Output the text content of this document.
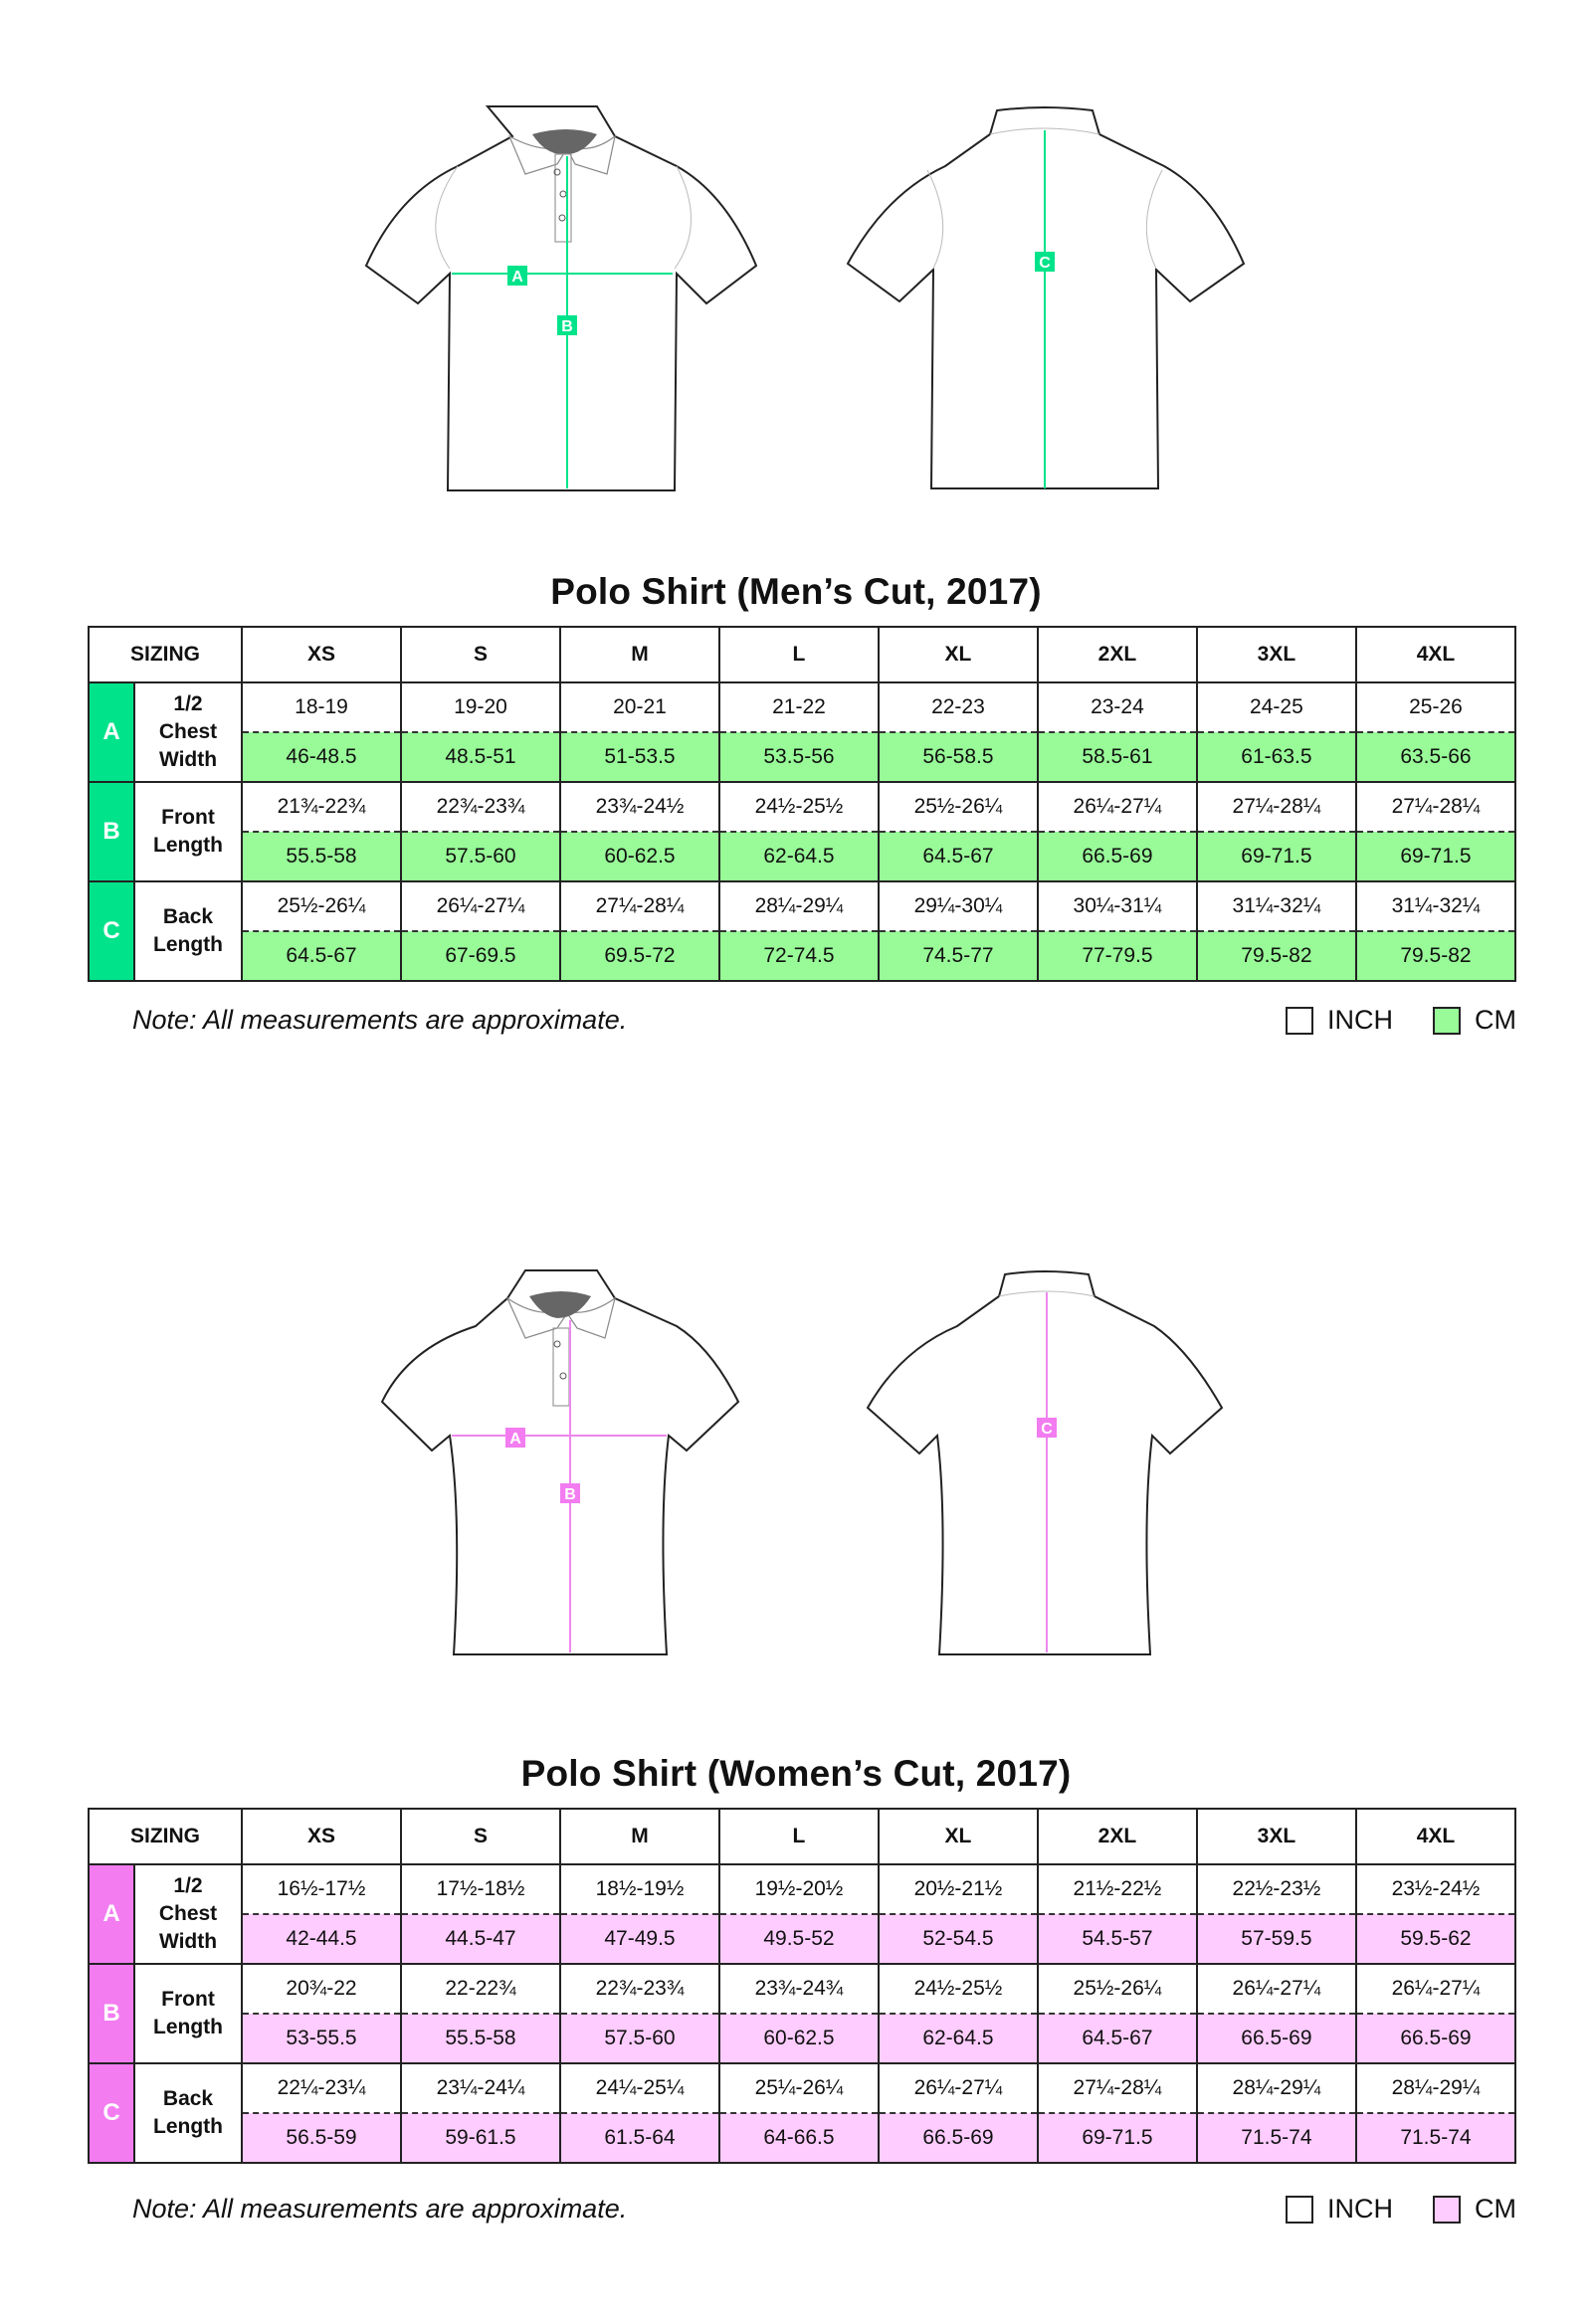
A
B
C
Polo Shirt (Men’s Cut, 2017)
SIZING		XS	S	M	L	XL	2XL	3XL	4XL
A	1/2
Chest
Width	18-19	19-20	20-21	21-22	22-23	23-24	24-25	25-26
		46-48.5	48.5-51	51-53.5	53.5-56	56-58.5	58.5-61	61-63.5	63.5-66
B	Front
Length	21¾-22¾	22¾-23¾	23¾-24½	24½-25½	25½-26¼	26¼-27¼	27¼-28¼	27¼-28¼
		55.5-58	57.5-60	60-62.5	62-64.5	64.5-67	66.5-69	69-71.5	69-71.5
C	Back
Length	25½-26¼	26¼-27¼	27¼-28¼	28¼-29¼	29¼-30¼	30¼-31¼	31¼-32¼	31¼-32¼
		64.5-67	67-69.5	69.5-72	72-74.5	74.5-77	77-79.5	79.5-82	79.5-82
Note: All measurements are approximate.	INCH	CM
A
B
C
Polo Shirt (Women’s Cut, 2017)
SIZING		XS	S	M	L	XL	2XL	3XL	4XL
A	1/2
Chest
Width	16½-17½	17½-18½	18½-19½	19½-20½	20½-21½	21½-22½	22½-23½	23½-24½
		42-44.5	44.5-47	47-49.5	49.5-52	52-54.5	54.5-57	57-59.5	59.5-62
B	Front
Length	20¾-22	22-22¾	22¾-23¾	23¾-24¾	24½-25½	25½-26¼	26¼-27¼	26¼-27¼
		53-55.5	55.5-58	57.5-60	60-62.5	62-64.5	64.5-67	66.5-69	66.5-69
C	Back
Length	22¼-23¼	23¼-24¼	24¼-25¼	25¼-26¼	26¼-27¼	27¼-28¼	28¼-29¼	28¼-29¼
		56.5-59	59-61.5	61.5-64	64-66.5	66.5-69	69-71.5	71.5-74	71.5-74
Note: All measurements are approximate.	INCH	CM
